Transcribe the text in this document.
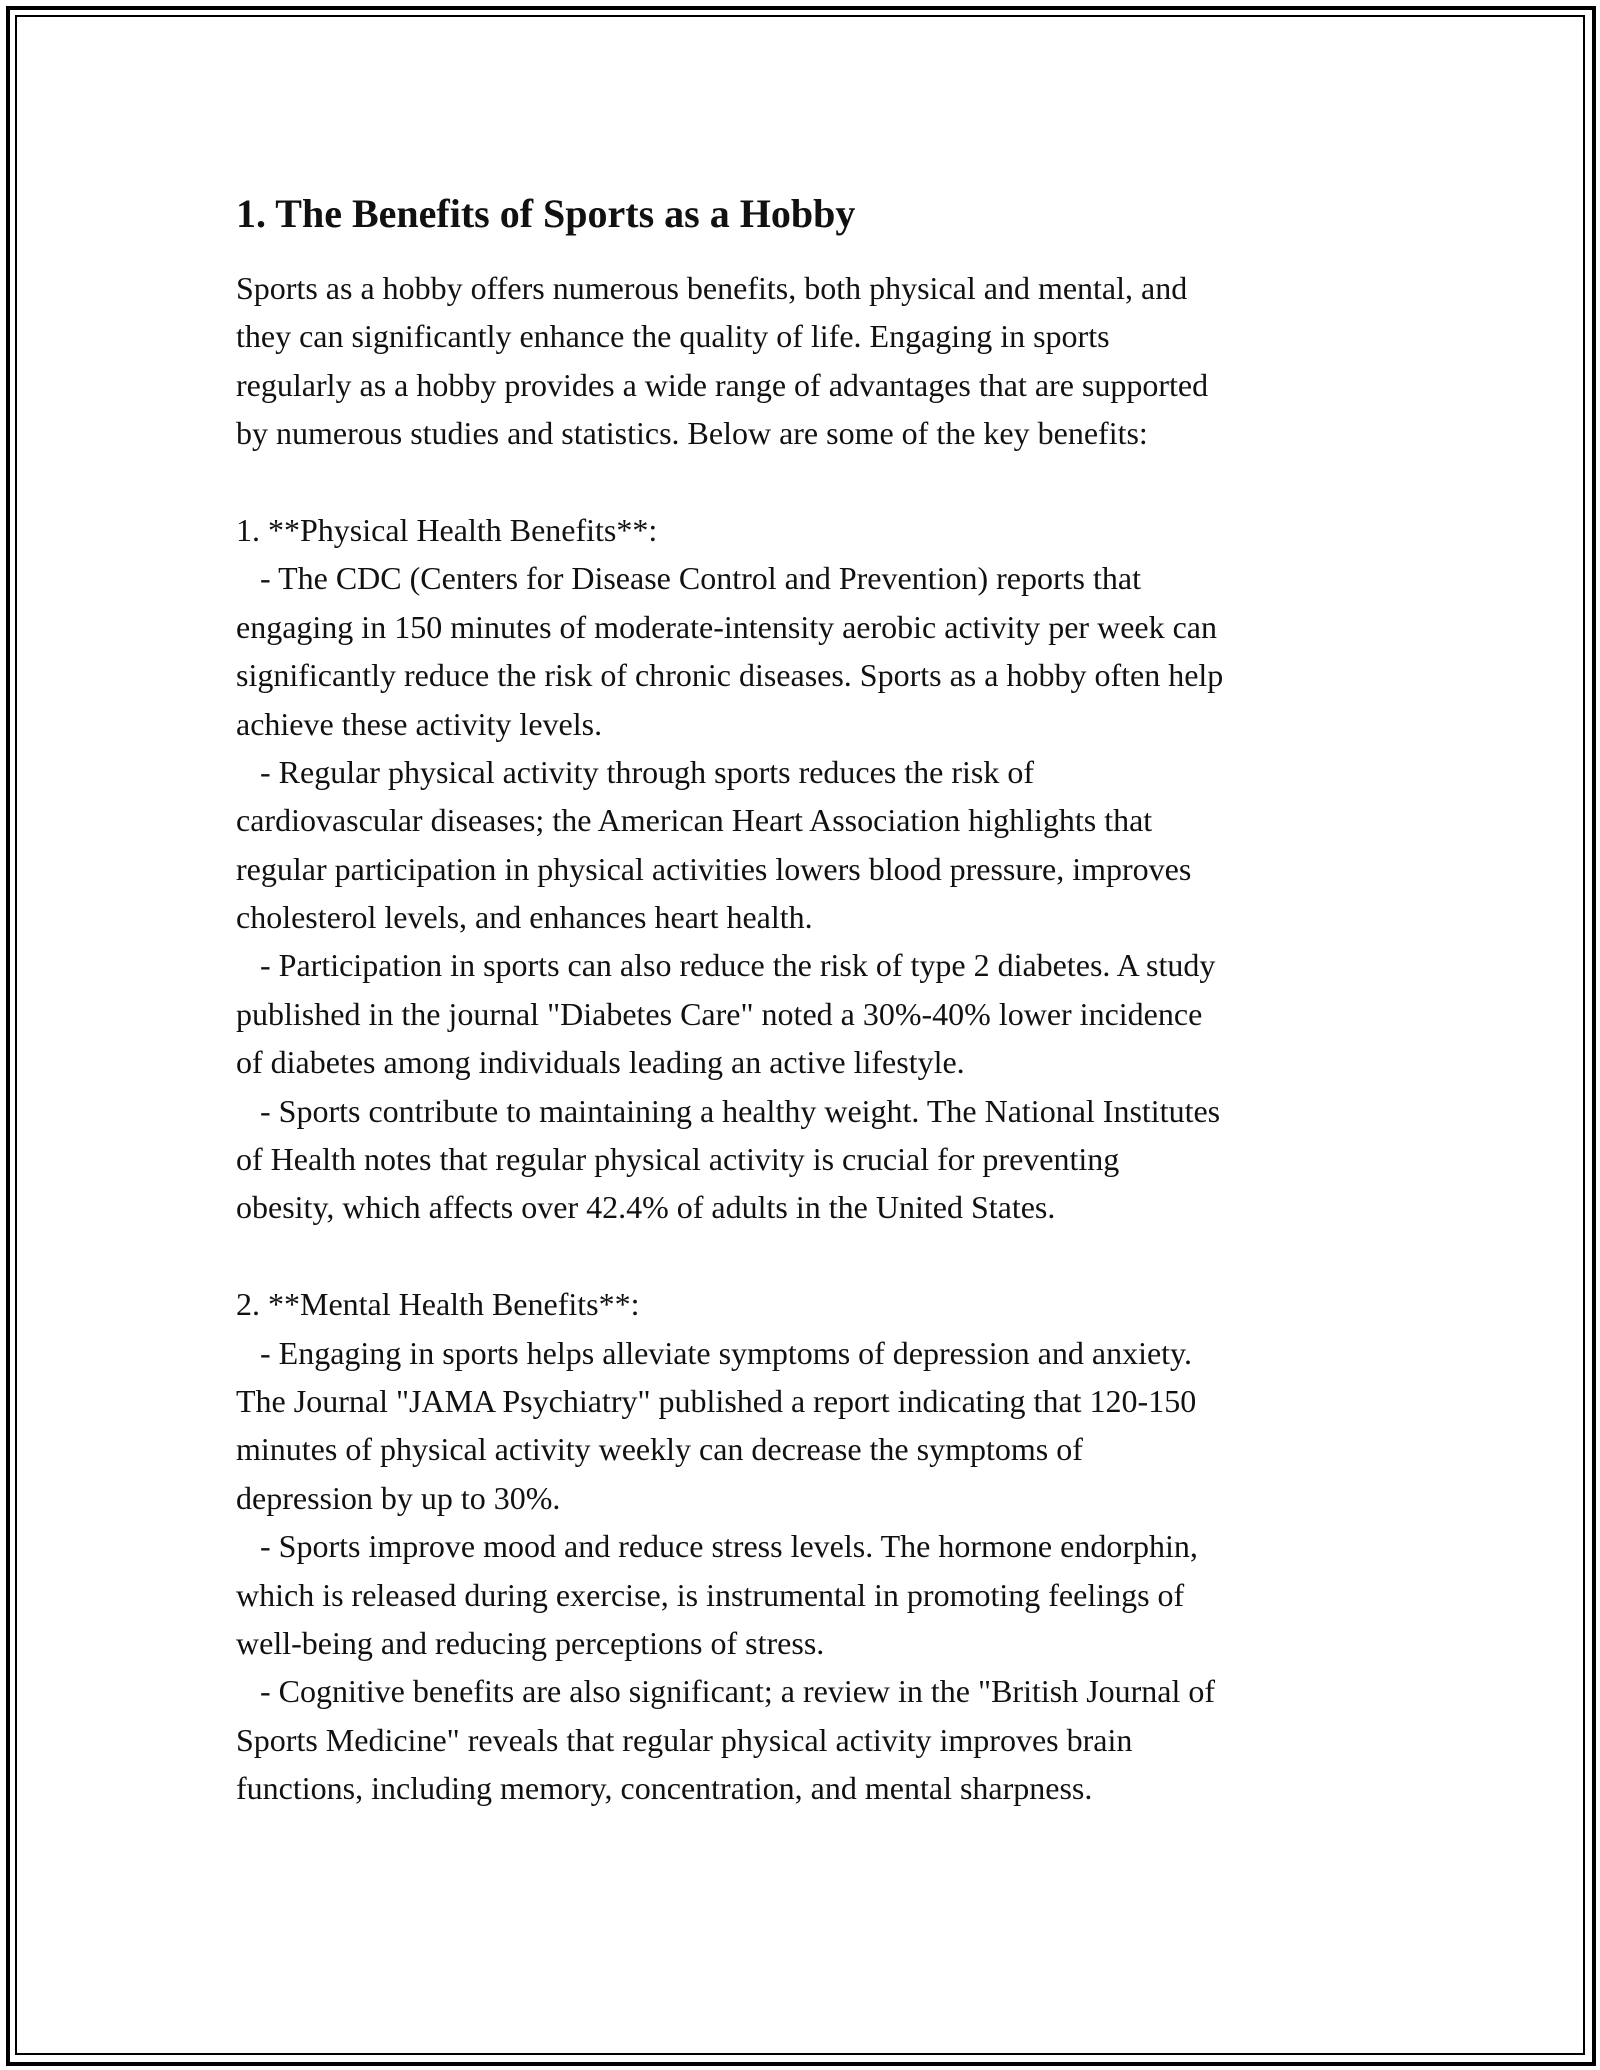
1. The Benefits of Sports as a Hobby
Sports as a hobby offers numerous benefits, both physical and mental, and
they can significantly enhance the quality of life. Engaging in sports
regularly as a hobby provides a wide range of advantages that are supported
by numerous studies and statistics. Below are some of the key benefits:
1. **Physical Health Benefits**:
- The CDC (Centers for Disease Control and Prevention) reports that
engaging in 150 minutes of moderate-intensity aerobic activity per week can
significantly reduce the risk of chronic diseases. Sports as a hobby often help
achieve these activity levels.
- Regular physical activity through sports reduces the risk of
cardiovascular diseases; the American Heart Association highlights that
regular participation in physical activities lowers blood pressure, improves
cholesterol levels, and enhances heart health.
- Participation in sports can also reduce the risk of type 2 diabetes. A study
published in the journal "Diabetes Care" noted a 30%-40% lower incidence
of diabetes among individuals leading an active lifestyle.
- Sports contribute to maintaining a healthy weight. The National Institutes
of Health notes that regular physical activity is crucial for preventing
obesity, which affects over 42.4% of adults in the United States.
2. **Mental Health Benefits**:
- Engaging in sports helps alleviate symptoms of depression and anxiety.
The Journal "JAMA Psychiatry" published a report indicating that 120-150
minutes of physical activity weekly can decrease the symptoms of
depression by up to 30%.
- Sports improve mood and reduce stress levels. The hormone endorphin,
which is released during exercise, is instrumental in promoting feelings of
well-being and reducing perceptions of stress.
- Cognitive benefits are also significant; a review in the "British Journal of
Sports Medicine" reveals that regular physical activity improves brain
functions, including memory, concentration, and mental sharpness.
